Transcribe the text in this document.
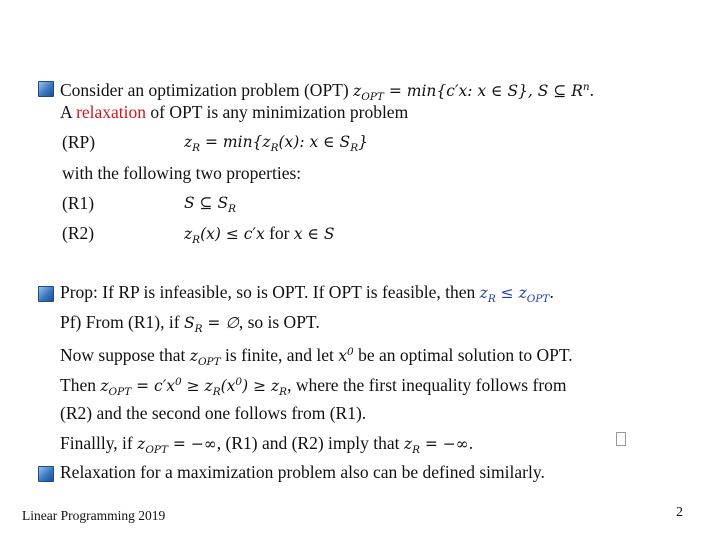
Consider an optimization problem (OPT) $z_{OPT} = \min\{c'x$: x ∈ S}, S ⊆ $R^n$.
A relaxation of OPT is any minimization problem
(RP)	$z_R = \min\{z_R(x)$: x ∈ $S_R$}
with the following two properties:
(R1)	S ⊆ $S_R$
(R2)	$z_R(x) \le c'x$ for x ∈ S
Prop: If RP is infeasible, so is OPT. If OPT is feasible, then $z_R \le z_{OPT}$.
Pf) From (R1), if $S_R$ = ∅, so is OPT.
Now suppose that $z_{OPT}$ is finite, and let $x^0$ be an optimal solution to OPT.
Then $z_{OPT} = c'x^0 \ge z_R(x^0) \ge z_R$, where the first inequality follows from
(R2) and the second one follows from (R1).
Finallly, if $z_{OPT}$ = −∞, (R1) and (R2) imply that $z_R$ = −∞.
Relaxation for a maximization problem also can be defined similarly.
Linear Programming 2019	2
